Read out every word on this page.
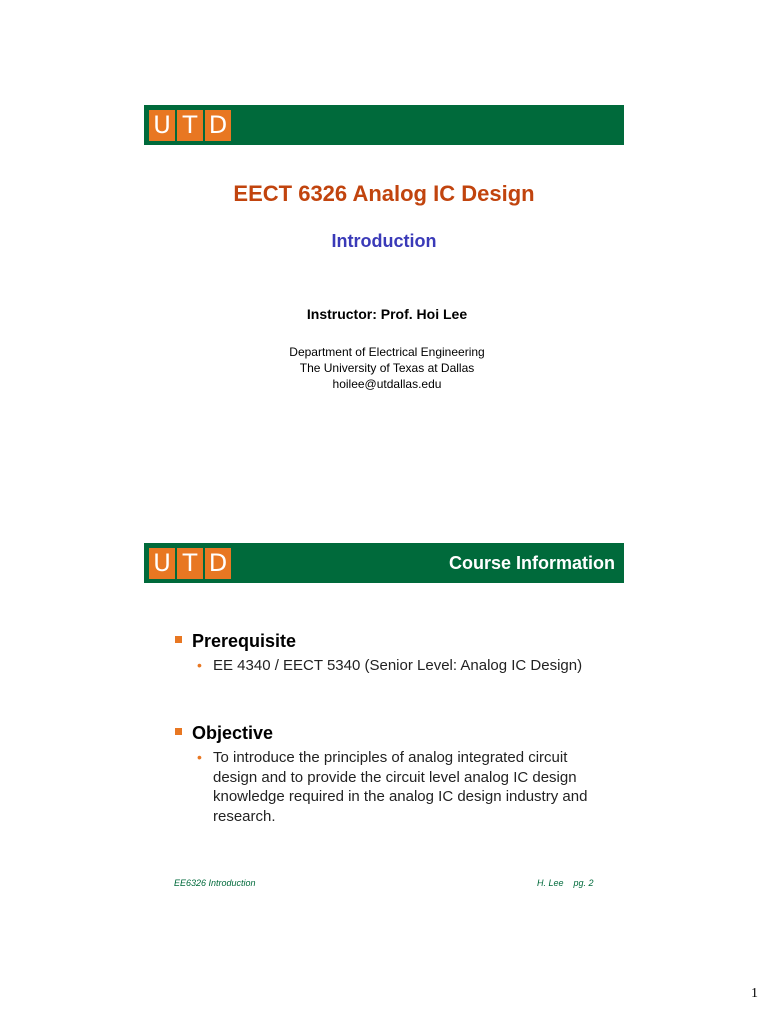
U T D
EECT 6326 Analog IC Design
Introduction
Instructor: Prof. Hoi Lee
Department of Electrical Engineering
The University of Texas at Dallas
hoilee@utdallas.edu
U T D	Course Information
Prerequisite
• EE 4340 / EECT 5340 (Senior Level: Analog IC Design)
Objective
• To introduce the principles of analog integrated circuit design and to provide the circuit level analog IC design knowledge required in the analog IC design industry and research.
EE6326 Introduction	H. Lee    pg. 2
1
